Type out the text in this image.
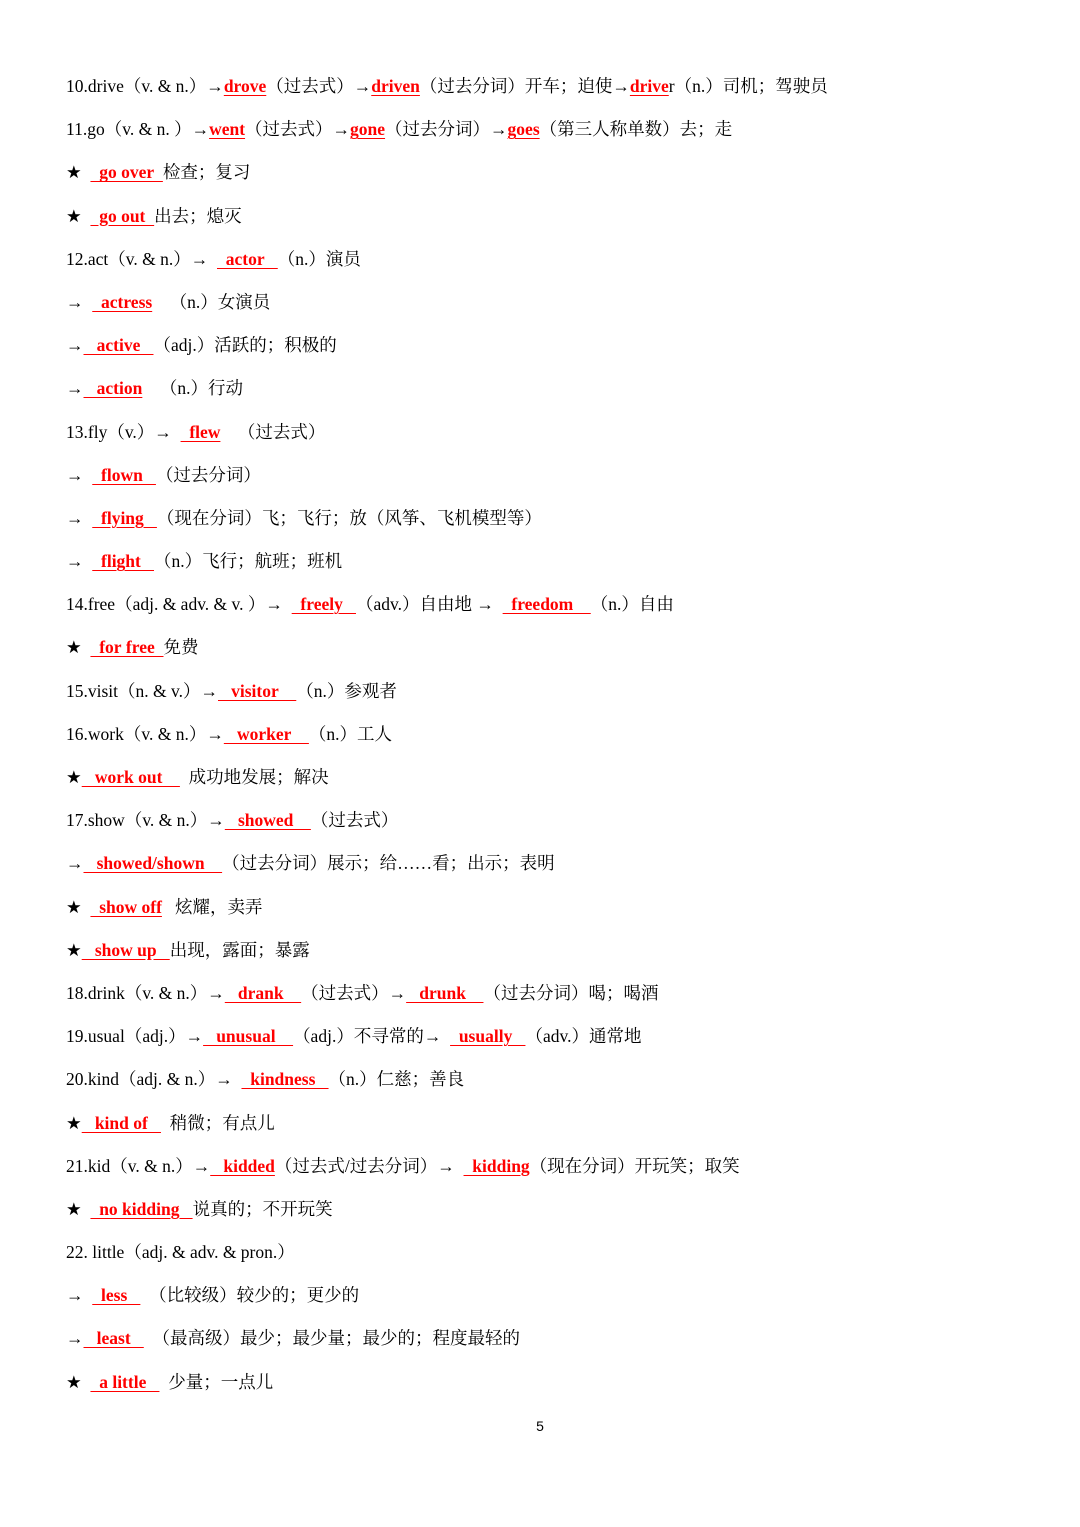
10.drive（v. & n.）→drove（过去式）→driven（过去分词）开车；迫使→driver（n.）司机；驾驶员
11.go（v. & n. ）→went（过去式）→gone（过去分词）→goes（第三人称单数）去；走
★    go over  检查；复习
★    go out  出去；熄灭
12.act（v. & n.）→    actor   （n.）演员
→    actress    （n.）女演员
→   active   （adj.）活跃的；积极的
→   action    （n.）行动
13.fly（v.）→    flew    （过去式）
→    flown   （过去分词）
→    flying   （现在分词）飞；飞行；放（风筝、飞机模型等）
→    flight   （n.）飞行；航班；班机
14.free（adj. & adv. & v. ）→    freely   （adv.）自由地 →    freedom    （n.）自由
★    for free  免费
15.visit（n. & v.）→   visitor    （n.）参观者
16.work（v. & n.）→   worker    （n.）工人
★   work out      成功地发展；解决
17.show（v. & n.）→   showed    （过去式）
→   showed/shown    （过去分词）展示；给……看；出示；表明
★    show off   炫耀，卖弄
★   show up   出现，露面；暴露
18.drink（v. & n.）→   drank    （过去式）→   drunk    （过去分词）喝；喝酒
19.usual（adj.）→   unusual    （adj.）不寻常的→    usually   （adv.）通常地
20.kind（adj. & n.）→    kindness   （n.）仁慈；善良
★   kind of     稍微；有点儿
21.kid（v. & n.）→   kidded（过去式/过去分词）→    kidding（现在分词）开玩笑；取笑
★    no kidding   说真的；不开玩笑
22. little（adj. & adv. & pron.）
→    less     （比较级）较少的；更少的
→   least     （最高级）最少；最少量；最少的；程度最轻的
★    a little     少量；一点儿
5
